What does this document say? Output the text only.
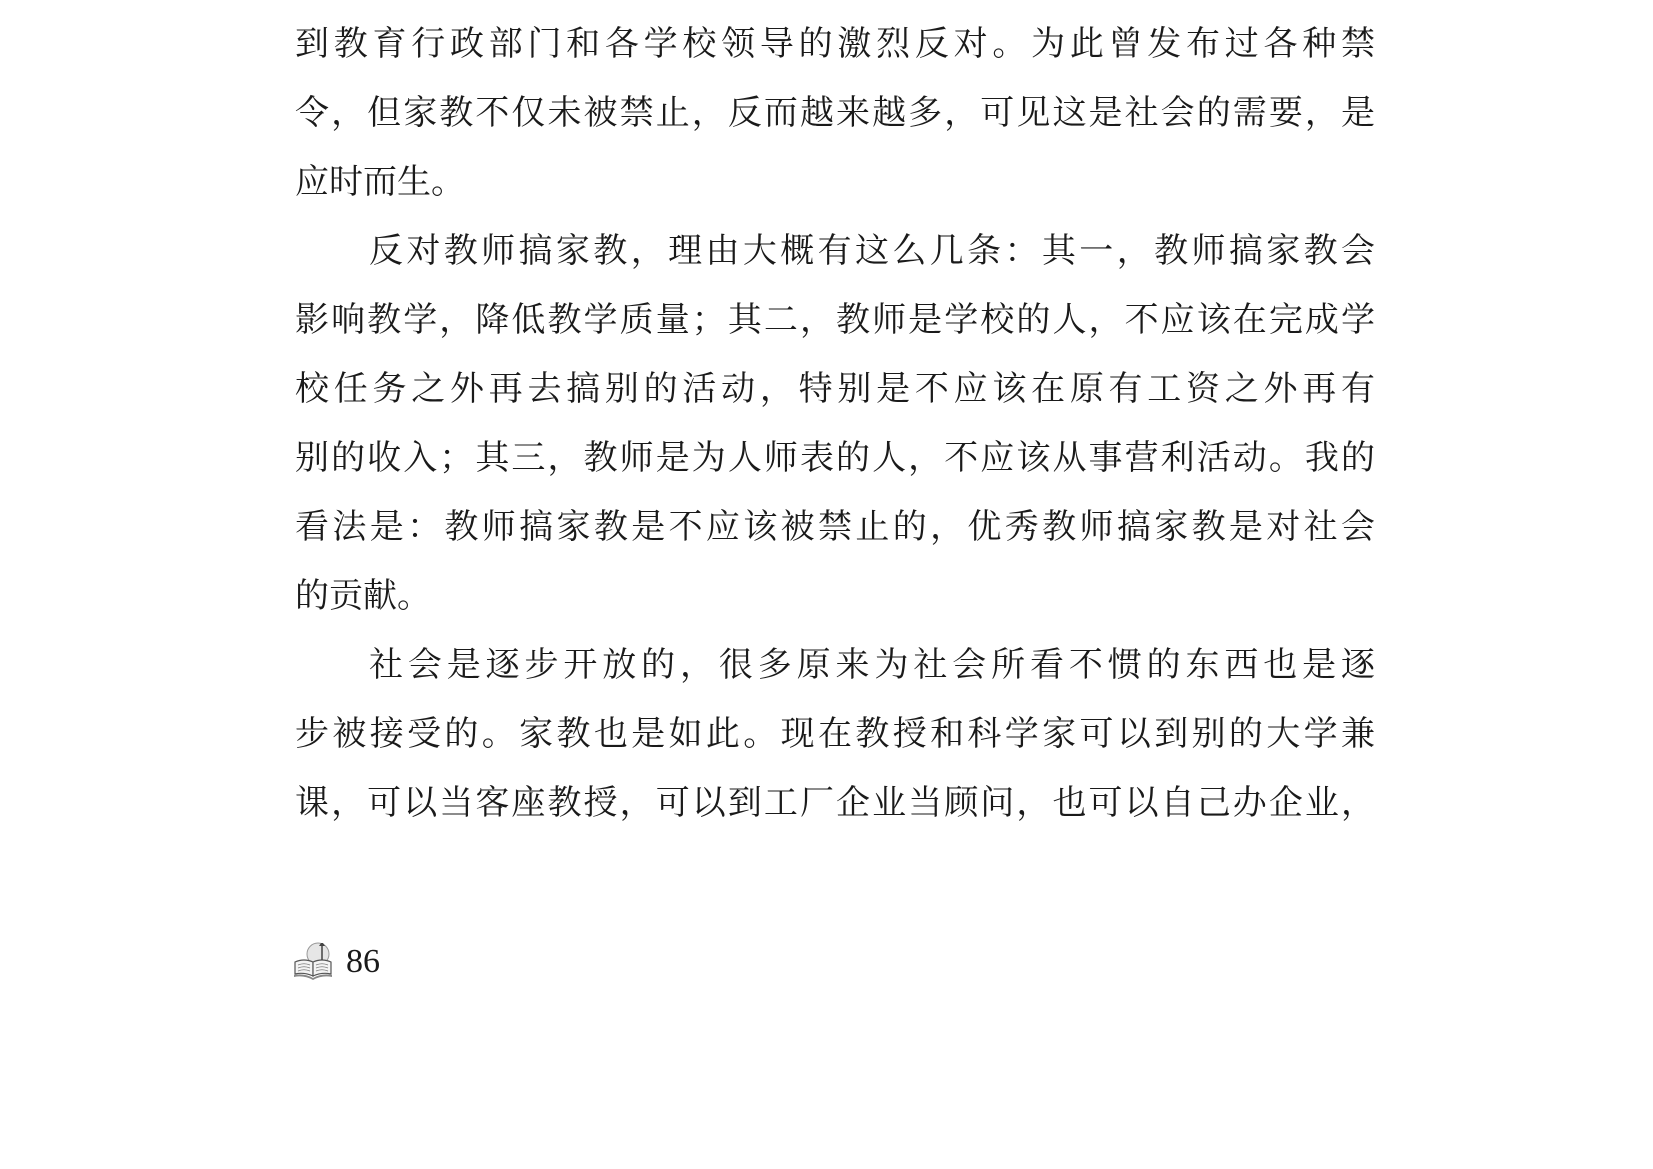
到教育行政部门和各学校领导的激烈反对。为此曾发布过各种禁
令，但家教不仅未被禁止，反而越来越多，可见这是社会的需要，是
应时而生。
反对教师搞家教，理由大概有这么几条：其一，教师搞家教会
影响教学，降低教学质量；其二，教师是学校的人，不应该在完成学
校任务之外再去搞别的活动，特别是不应该在原有工资之外再有
别的收入；其三，教师是为人师表的人，不应该从事营利活动。我的
看法是：教师搞家教是不应该被禁止的，优秀教师搞家教是对社会
的贡献。
社会是逐步开放的，很多原来为社会所看不惯的东西也是逐
步被接受的。家教也是如此。现在教授和科学家可以到别的大学兼
课，可以当客座教授，可以到工厂企业当顾问，也可以自己办企业，
86
